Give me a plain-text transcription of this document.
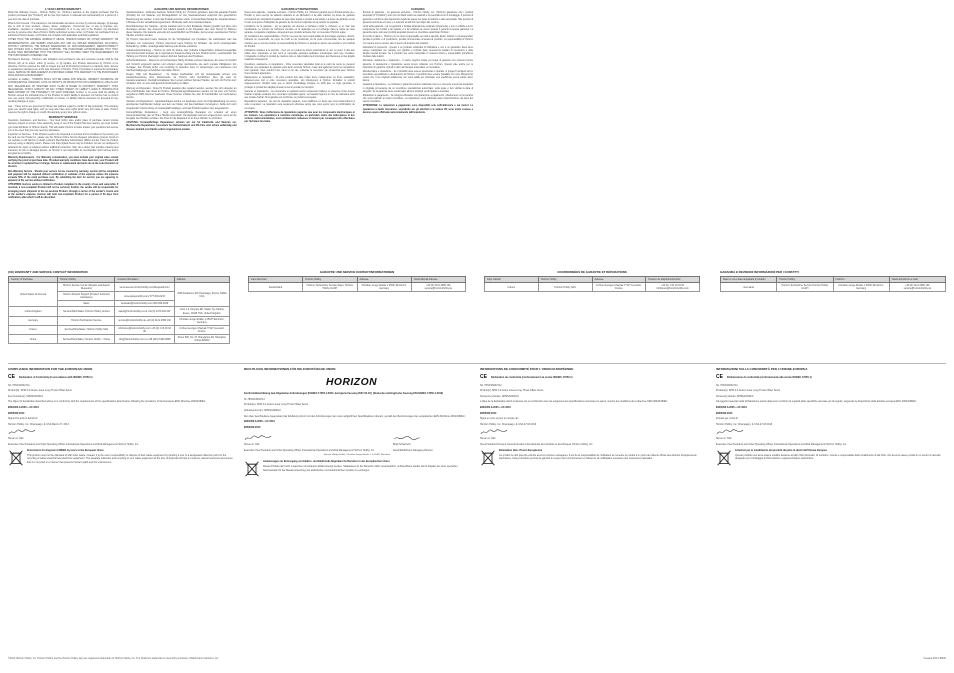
1-YEAR LIMITED WARRANTY

What this Warranty Covers - Horizon Hobby, Inc. (Horizon) warrants to the original purchaser that the product purchased (the "Product") will be free from defects in materials and workmanship for a period of 1 year from the date of purchase.

What is Not Covered - This warranty is not transferable and does not cover (i) cosmetic damage, (ii) damage due to acts of God, accident, misuse, abuse, negligence, commercial use, or due to improper use, installation, operation or maintenance, (iii) modification of or to any part of the Product, (iv) attempted service by anyone other than a Horizon Hobby authorized service center, (v) Product not purchased from an authorized Horizon dealer, (vi) Product not compliant with applicable technical regulations.

OTHER THAN THE EXPRESS WARRANTY ABOVE, HORIZON MAKES NO OTHER WARRANTY OR REPRESENTATION, AND HEREBY DISCLAIMS ANY AND ALL IMPLIED WARRANTIES, INCLUDING, WITHOUT LIMITATION, THE IMPLIED WARRANTIES OF NON-INFRINGEMENT, MERCHANTABILITY AND FITNESS FOR A PARTICULAR PURPOSE. THE PURCHASER ACKNOWLEDGES THAT THEY ALONE HAVE DETERMINED THAT THE PRODUCT WILL SUITABLY MEET THE REQUIREMENTS OF THE PURCHASER'S INTENDED USE.

Purchaser's Remedy - Horizon's sole obligation and purchaser's sole and exclusive remedy shall be that Horizon will, at its option, either (i) service, or (ii) replace, any Product determined by Horizon to be defective. Horizon reserves the right to inspect any and all Product(s) involved in a warranty claim. Service or replacement decisions are at the sole discretion of Horizon. Proof of purchase is required for all warranty claims. SERVICE OR REPLACEMENT AS PROVIDED UNDER THIS WARRANTY IS THE PURCHASER'S SOLE AND EXCLUSIVE REMEDY.

Limitation of Liability - HORIZON SHALL NOT BE LIABLE FOR SPECIAL, INDIRECT, INCIDENTAL OR CONSEQUENTIAL DAMAGES, LOSS OF PROFITS OR PRODUCTION OR COMMERCIAL LOSS IN ANY WAY, REGARDLESS OF WHETHER SUCH CLAIM IS BASED IN CONTRACT, WARRANTY, TORT, NEGLIGENCE, STRICT LIABILITY OR ANY OTHER THEORY OF LIABILITY, EVEN IF HORIZON HAS BEEN ADVISED OF THE POSSIBILITY OF SUCH DAMAGES. Further, in no event shall the liability of Horizon exceed the individual price of the Product on which liability is asserted. As Horizon has no control over use, setup, final assembly, modification or misuse, no liability shall be assumed nor accepted for any resulting damage or injury.

Law - These terms are governed by Illinois law (without regard to conflict of law principals). This warranty gives you specific legal rights, and you may also have other rights which vary from state to state. Horizon reserves the right to change or modify this warranty at any time without notice.

WARRANTY SERVICES

Questions, Assistance, and Services - Your local hobby store and/or place of purchase cannot provide warranty support or service. Once assembly, setup or use of the Product has been started, you must contact your local distributor or Horizon directly. This will enable Horizon to better answer your questions and service you in the event that you may need any assistance.

Inspection or Services - If this Product needs to be inspected or serviced and is compliant in the country you live and use the Product in, please use the Horizon Online Service Request submission process found on our website or call Horizon to obtain a Return Merchandise Authorization (RMA) number. Pack the Product securely using a shipping carton. Please note that original boxes may be included, but are not designed to withstand the rigors of shipping without additional protection. Ship via a carrier that provides tracking and insurance for lost or damaged parcels, as Horizon is not responsible for merchandise until it arrives and is accepted at our facility.

Warranty Requirements - For Warranty consideration, you must include your original sales receipt verifying the proof-of-purchase date. Provided warranty conditions have been met, your Product will be serviced or replaced free of charge. Service or replacement decisions are at the sole discretion of Horizon.

Non-Warranty Service - Should your service not be covered by warranty, service will be completed and payment will be required without notification or estimate of the expense unless the expense exceeds 50% of the retail purchase cost. By submitting the item for service you are agreeing to payment of the service without notification.

ATTENTION: Horizon service is limited to Product compliant in the country of use and ownership. If received, a non-compliant Product will not be serviced. Further, the sender will be responsible for arranging return shipment of the un-serviced Product, through a carrier of the sender's choice and at the sender's expense. Horizon will hold non-compliant Product for a period of 60 days from notification, after which it will be discarded.

GARANTIE UND SERVICE INFORMATIONEN

Garantiezeitraum - Exklusive Garantie: Horizon Hobby Inc. (Horizon) garantiert, dass das gekaufte Produkt (Produkt) frei von Material- und Montagefehlern ist. Der Garantiezeitraum entspricht den gesetzlichen Bestimmung des Landes, in dem das Produkt erworben wurde. In Deutschland beträgt der Garantiezeitraum 6 Monate und der Gewährleistungszeitraum 18 Monate nach dem Garantiezeitraum.

Einschränkungen der Garantie - (a) Die Garantie wird nur dem Erstkäufer (Käufer) gewährt und kann nicht übertragen werden. Der Anspruch des Käufers besteht in der Reparatur oder dem Tausch im Rahmen dieser Garantie. Die Garantie erstreckt sich ausschließlich auf Produkte, die bei einem autorisierten Horizon Händler erworben wurden.

(b) Horizon übernimmt keine Garantie für die Verfügbarkeit von Produkten, die Lieferbarkeit oder das Einhalten von Lieferzeiten. Horizon übernimmt keine Haftung für Schäden, die durch unsachgemäße Behandlung, Unfälle, unsachgemäße Wartung oder Einbau entstehen.

Schadensbeschränkung - Horizon ist nicht für direkte oder indirekte Folgeschäden, Einkommensausfälle oder kommerzielle Verluste, die in irgendeinem Zusammenhang mit dem Produkt stehen, verantwortlich. Die Haftung von Horizon übersteigt in keinem Fall den Kaufpreis des Produktes.

Sicherheitshinweise - Dieses ist ein hochwertiges Hobby Produkt und kein Spielzeug. Es muss mit Vorsicht und Umsicht eingesetzt werden und erfordert einige mechanische wie auch mentale Fähigkeiten. Ein Versagen, das Produkt sicher und umsichtig zu betreiben kann zu Verletzungen von Lebewesen und Sachbeschädigungen erheblichen Ausmaßes führen.

Fragen, Hilfe und Reparaturen - Ihr lokaler Fachhändler und die Verkaufsstelle können eine Garantiebeurteilung ohne Rücksprache mit Horizon nicht durchführen. Dies gilt auch für Garantiereparaturen. Deshalb kontaktieren Sie in einem solchen Fall den Händler, der sich mit Horizon kurz schließen wird, um eine sachgerechte Entscheidung zu fällen.

Wartung und Reparatur - Muss Ihr Produkt gewartet oder repariert werden, wenden Sie sich entweder an Ihren Fachhändler oder direkt an Horizon. Rücksendungen/Reparaturen werden nur mit einer von Horizon vergebenen RMA Nummer bearbeitet. Diese Nummer erhalten Sie oder Ihr Fachhändler vom technischen Service.

Garantie und Reparaturen - Garantieanfragen werden nur bearbeitet, wenn ein Originalkaufbeleg von einem autorisierten Fachhändler beiliegt, aus dem der Käufer und das Kaufdatum hervorgehen. Sollte sich nach eingehender Untersuchung ein Garantiefall bestätigen, wird das Produkt repariert oder ausgetauscht.

Kostenpflichtige Reparaturen - Liegt eine kostenpflichtige Reparatur vor, erstellen wir einen Kostenvoranschlag, den wir Ihrem Händler übermitteln. Die Reparatur wird erst vorgenommen, wenn wir die Freigabe des Händlers erhalten. Der Preis für die Reparatur ist an Ihren Händler zu entrichten.

ACHTUNG: Kostenpflichtige Reparaturen nehmen wir nur für Elektronik und Motoren vor. Mechanische Reparaturen, besonders bei Hubschraubern und RC-Cars sind extrem aufwendig und müssen deshalb vom Käufer selbst vorgenommen werden.

GARANTIE ET RÉPARATIONS

Durée de la garantie - Garantie exclusive - Horizon Hobby, Inc. (Horizon) garantit que le Produit acheté (le « Produit ») sera exempt de défauts matériels et de fabrication à sa date d'achat. La durée de garantie correspond aux dispositions légales du pays dans lequel le produit a été acquis. La durée de garantie est de 6 mois et la durée d'obligation de garantie de 18 mois à l'expiration de la période de garantie.

Limitations de la garantie - (a) La garantie est donnée à l'acheteur initial (« Acheteur ») et n'est pas transférable. Le recours de l'acheteur consiste en la réparation ou en l'échange dans le cadre de cette garantie. La garantie s'applique uniquement aux produits achetés chez un revendeur Horizon agréé.

(b) Limitations des responsabilités - Horizon ne peut être tenu responsable de dommages spéciaux, directs, indirects ou consécutifs, de perte de profit ou de production ou de perte commerciale, liés de quelque manière que ce soit au produit. La responsabilité de Horizon ne saurait en aucun cas excéder le prix d'achat du Produit.

Indications relatives à la sécurité - Ceci est un produit de loisirs perfectionné et non un jouet. Il doit être utilisé avec précaution et bon sens et nécessite quelques aptitudes mécaniques ainsi que mentales. L'incapacité à utiliser le produit de manière sûre et raisonnable peut provoquer des blessures et des dégâts matériels conséquents.

Questions, assistance et réparations - Votre revendeur spécialisé local et le point de vente ne peuvent effectuer une évaluation de garantie sans avoir consulté Horizon. Cela vaut également pour les réparations sous garantie. Vous voudrez bien, dans un tel cas, contacter le revendeur qui conviendra avec Horizon d'une décision appropriée.

Maintenance et réparation - Si votre produit doit faire l'objet d'une maintenance ou d'une réparation, adressez-vous soit à votre revendeur spécialisé, soit directement à Horizon. Emballez le produit soigneusement. Veuillez noter que le carton d'emballage d'origine ne suffit pas, en règle générale, à protéger le produit des dégâts pouvant survenir pendant le transport.

Garantie et réparations - Les demandes en garantie seront uniquement traitées en présence d'une preuve d'achat originale émanant d'un revendeur spécialisé agréé, sur laquelle figurent le nom de l'acheteur ainsi que la date d'achat. Si la garantie est confirmée, le produit sera réparé.

Réparations payantes - En cas de réparation payante, nous établirons un devis que nous transmettrons à votre revendeur. La réparation sera seulement effectuée après que nous ayons reçu la confirmation du revendeur.

ATTENTION : Nous n'effectuons de réparations payantes que pour les composants électroniques et les moteurs. Les réparations à caractère mécanique, en particulier celles des hélicoptères et des voitures radiocommandées, sont extrêmement coûteuses et doivent par conséquent être effectuées par l'acheteur lui-même.

GARANZIA

Periodo di garanzia - La garanzia esclusiva - Horizon Hobby, Inc. (Horizon) garantisce che i prodotti acquistati (il "Prodotto") sono privi di difetti relativi ai materiali e di eventuali errori di montaggio. Il periodo di garanzia è conforme alle disposizioni legali del paese nel quale il prodotto è stato acquistato. Tale periodo di garanzia ammonta a 6 mesi e si estende ad altri 18 mesi dopo tale termine.

Limiti della garanzia - (a) La garanzia è limitata all'acquirente originale (Acquirente) e non è cedibile a terzi. L'acquirente ha il diritto a far riparare o a far sostituire la merce durante il periodo di questa garanzia. La garanzia copre solo quei prodotti acquistati presso un rivenditore autorizzato Horizon.

(b) Limiti di danno - Horizon non si riterrà responsabile per danni speciali, diretti, indiretti o consequenziali; perdita di profitto o di produzione; perdita commerciale connessa al prodotto. La responsabilità di Horizon non supera mai in nessun caso il prezzo di acquisto del prodotto.

Indicazioni di sicurezza - Questo è un prodotto sofisticato di hobbistica e non è un giocattolo. Esso deve essere manipolato con cautela, con giudizio e richiede delle conoscenze basilari di meccanica e delle facoltà mentali di base. Se il prodotto non verrà manipolato in maniera sicura e responsabile potrebbero risultare delle lesioni.

Domande, assistenza e riparazioni - Il vostro negozio locale e/o luogo di acquisto non possono fornire garanzie di assistenza o riparazione senza previo colloquio con Horizon. Questo vale anche per le riparazioni in garanzia. Quindi in tale casi bisogna interpellare un rivenditore.

Manutenzione e riparazione - Se il prodotto deve essere ispezionato o riparato, si prega di rivolgersi ad un rivenditore specializzato o direttamente ad Horizon. Il prodotto deve essere imballato con cura. Bisogna far notare che i box originali solitamente non sono adatti per effettuare una spedizione senza subire alcun danno.

Garanzia a riparazione - Le richieste in garanzia verranno elaborate solo se è presente una prova d'acquisto in originale proveniente da un rivenditore specializzato autorizzato, nella quale è ben visibile la data di acquisto. Se la garanzia viene confermata, allora il prodotto verrà riparato o sostituito.

Riparazioni a pagamento - Se bisogna effettuare una riparazione a pagamento, effettueremo un preventivo che verrà inoltrato al vostro rivenditore. La riparazione verrà effettuata dopo l'autorizzazione da parte del vostro rivenditore.

ATTENZIONE: Le riparazioni a pagamento sono disponibili solo sull'elettronica e sui motori. Le riparazioni a livello meccanico, soprattutto per gli elicotteri e le vetture RC sono molto costose e devono essere effettuate autonomamente dall'acquirente.

(UK) WARRANTY AND SERVICE CONTACT INFORMATION
Country of Purchase	Horizon Hobby	Contact Information	Address
United States of America	Horizon Service Center (Repairs and Repair Requests)	servicecenter.horizonhobby.com/RequestForm/	4105 Fieldstone Rd Champaign, Illinois, 61822 USA
	Horizon Product Support (Product Technical Assistance)	www.quiquehobby.com/ 877-504-0233	
	Sales	websales@horizonhobby.com 800-338-4639	
United Kingdom	Service/Parts/Sales: Horizon Hobby Limited	sales@horizonhobby.co.uk +44 (0) 1279 641 097	Units 1-4, Ployters Rd, Staple Tye Harlow, Essex, CM18 7NS, United Kingdom
Germany	Horizon Technischer Service	service@horizonhobby.de +49 (0) 4121 2655 100	Christian-Junge-Straße 1 25337 Elmshorn, Germany
France	Service/Parts/Sales: Horizon Hobby SAS	infofrance@horizonhobby.com +33 (0) 1 60 18 34 90	11 Rue Georges Charpak 77127 Lieusaint, France
China	Service/Parts/Sales: Horizon Hobby – China	info@horizonhobby.com.cn +86 (021) 5180 9868	Room 506, No. 97 Changshou Rd. Shanghai, China 200060
GARANTIE UND SERVICE KONTAKTINFORMATIONEN
Land des Kauf	Horizon Hobby	Adresse	Telefon/Email Adresse
Deutschland	Horizon Technischer Service Sales: Horizon Hobby GmbH	Christian-Junge-Straße 1 25337 Elmshorn, Germany	+49 (0) 4121 2655 100 service@horizonhobby.de
COORDONNÉES DE GARANTIE ET RÉPARATIONS
Pays d'achat	Horizon Hobby	Adresse	Numéro de téléphone/Courriel
France	Horizon Hobby SAS	11 Rue Georges Charpak 77127 Lieusaint, France	+33 (0) 1 60 18 34 90 infofrance@horizonhobby.com
GARANZIA E REVISIONI INFORMAZIONI PER I CONTATTI
Stato in cui è stato acquistato il prodotto	Horizon Hobby	Indirizzo	Telefono/Indirizzo e-mail
Germania	Horizon Technischer Service Horizon Hobby GmbH	Christian-Junge-Straße 1 25337 Elmshorn, Germany	+49 (0) 4121 2655 100 service@horizonhobby.de
COMPLIANCE INFORMATION FOR THE EUROPEAN UNION

CE Declaration of Conformity (in accordance with ISO/IEC 17050-1)

No. HH2013032712

Product(s): SPM 2.0-Gram Linear Long Throw Offset Servo

Item Number(s): SPMSA2030L0

The object of declaration described above is in conformity with the requirements of the specifications listed below, following the provisions of the European EMC Directive 2004/108/EC:

EN61000-6-2005 + AC:2011

EN55022:2010

Signed for and on behalf of:

Horizon Hobby, Inc. Champaign, IL USA March 27, 2013

Steven A. Hall

Executive Vice President and Chief Operating Officer International Operations and Risk Management Horizon Hobby, Inc.

Instructions for disposal of WEEE by users in the European Union

This product must not be disposed of with other waste. Instead, it is the user's responsibility to dispose of their waste equipment by handing it over to a designated collection point for the recycling of waste electrical and electronic equipment. The separate collection and recycling of your waste equipment at the time of disposal will help to conserve natural resources and ensure that it is recycled in a manner that protects human health and the environment.

RECHTLICHE INFORMATIONEN FÜR DIE EUROPÄISCHE UNION
HORIZON

Konformitätserklärung laut Allgemeine Anforderungen (ISO/IEC 17050-1:2004, korrigierte Fassung 2007-06-15); (Deutsche und Englische Fassung EN ISO/IEC 17050-1:2010)

Nr. HH2013032712

Produkt(e): SPM 2.0-Gram Linear Long Throw Offset Servo

Artikelnummer(n): SPMSA2030L0

Der oben beschriebene Gegenstand der Erklärung stimmt mit den Anforderungen der unten aufgeführten Spezifikationen überein, gemäß den Bestimmungen der europäischen EMV-Richtlinie 2004/108/EC:

EN61000-6-2005 + AC:2011

EN55022:2010

Steven A. Hall

Executive Vice President and Chief Operating Officer International Operations and Risk Management Horizon Hobby, Inc.

Birgit Schamuhn

Geschäftsführerin Managing Director

Horizon Hobby GmbH, Christian-Junge-Straße 1, D-25337 Elmshorn

Anweisungen zur Entsorgung von Elektro- und Elektronik-Altgeräten für Benutzer in der Europäischen Union

Dieses Produkt darf nicht zusammen mit anderem Abfall entsorgt werden. Stattdessen ist der Benutzer dafür verantwortlich, unbrauchbare Geräte durch Abgabe bei einer speziellen Sammelstelle für die Wiederverwertung von elektrischen und elektronischen Geräten zu entsorgen.

INFORMATIONS DE CONFORMITÉ POUR L'UNION EUROPÉENNE

CE Déclaration de conformité (conformément à la norme ISO/IEC 17050-1)

No. HH2013032712

Produit(s): SPM 2.0-Gram Linear Long Throw Offset Servo

Numéro(s) d'article: SPMSA2030L0

L'objet de la déclaration décrit ci-dessus est en conformité avec les exigences des spécifications énumérées ci-après, suivant les conditions de la directive CEM 2004/108/EC:

EN61000-6-2005 + AC:2011

EN55022:2010

Signé en nom et pour le compte de:

Horizon Hobby, Inc. Champaign, IL USA 27.03.2013

Steven A. Hall

Vice-Président Directeur Général Gestion Internationale des Activités et des Risques Horizon Hobby, Inc.

Elimination dans l'Union Européenne

Ce produit ne doit pas être éliminé avec les ordures ménagères. Il est de la responsabilité de l'utilisateur de remettre le produit à un point de collecte officiel des déchets d'équipements électriques. Cette procédure permet de garantir le respect de l'environnement et l'absence de sollicitation excessive des ressources naturelles.

INFORMAZIONI SULLA CONFORMITÀ PER L'UNIONE EUROPEA

CE Dichiarazione di conformità (conformemente alla norma ISO/IEC 17050-1)

No. HH2013032712

Prodotto(i): SPM 2.0-Gram Linear Long Throw Offset Servo

Numero(i) articolo: SPMSA2030L0

Gli oggetti presentati nella dichiarazione sopra citata sono conformi ai requisiti delle specifiche elencate qui di seguito, seguendo le disposizioni della direttiva europea EMC 2004/108/EC:

EN61000-6-2005 + AC:2011

EN55022:2010

Firmato per conto di:

Horizon Hobby, Inc. Champaign, IL USA 27.03.2013

Steven A. Hall

Executive Vice President and Chief Operating Officer International Operations and Risk Management Horizon Hobby, Inc.

Istruzioni per lo smaltimento dei prodotti da parte di utenti dell'Unione Europea

Questo prodotto non deve essere smaltito assieme ad altri rifiuti domestici. Al contrario, l'utente è responsabile dello smaltimento di tali rifiuti, che devono essere portati in un centro di raccolta designato per il riciclaggio di rifiuti elettrici e apparecchiature elettroniche.

©2013 Horizon Hobby, Inc. Horizon Hobby and the Horizon Hobby logo are registered trademarks of Horizon Hobby, Inc. The Spektrum trademark is used with permission of Bachmann Industries, Inc.	Created 03/13 38620
